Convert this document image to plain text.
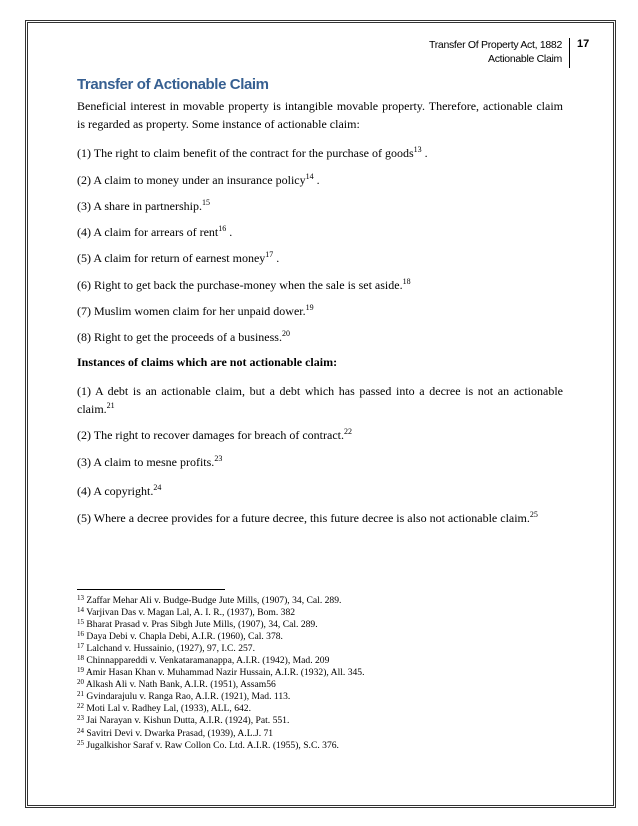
Transfer Of Property Act, 1882
Actionable Claim
17
Transfer of Actionable Claim
Beneficial interest in movable property is intangible movable property. Therefore, actionable claim is regarded as property. Some instance of actionable claim:
(1) The right to claim benefit of the contract for the purchase of goods$^{13}$ .
(2) A claim to money under an insurance policy$^{14}$ .
(3) A share in partnership.$^{15}$
(4) A claim for arrears of rent$^{16}$ .
(5) A claim for return of earnest money$^{17}$ .
(6) Right to get back the purchase-money when the sale is set aside.$^{18}$
(7) Muslim women claim for her unpaid dower.$^{19}$
(8) Right to get the proceeds of a business.$^{20}$
Instances of claims which are not actionable claim:
(1) A debt is an actionable claim, but a debt which has passed into a decree is not an actionable claim.$^{21}$
(2) The right to recover damages for breach of contract.$^{22}$
(3) A claim to mesne profits.$^{23}$
(4) A copyright.$^{24}$
(5) Where a decree provides for a future decree, this future decree is also not actionable claim.$^{25}$
$^{13}$ Zaffar Mehar Ali v. Budge-Budge Jute Mills, (1907), 34, Cal. 289.
$^{14}$ Varjivan Das v. Magan Lal, A. I. R., (1937), Bom. 382
$^{15}$ Bharat Prasad v. Pras Sibgh Jute Mills, (1907), 34, Cal. 289.
$^{16}$ Daya Debi v. Chapla Debi, A.I.R. (1960), Cal. 378.
$^{17}$ Lalchand v. Hussainio, (1927), 97, I.C. 257.
$^{18}$ Chinnappareddi v. Venkataramanappa, A.I.R. (1942), Mad. 209
$^{19}$ Amir Hasan Khan v. Muhammad Nazir Hussain, A.I.R. (1932), All. 345.
$^{20}$ Alkash Ali v. Nath Bank, A.I.R. (1951), Assam56
$^{21}$ Gvindarajulu v. Ranga Rao, A.I.R. (1921), Mad. 113.
$^{22}$ Moti Lal v. Radhey Lal, (1933), ALL, 642.
$^{23}$ Jai Narayan v. Kishun Dutta, A.I.R. (1924), Pat. 551.
$^{24}$ Savitri Devi v. Dwarka Prasad, (1939), A.L.J. 71
$^{25}$ Jugalkishor Saraf v. Raw Collon Co. Ltd. A.I.R. (1955), S.C. 376.
